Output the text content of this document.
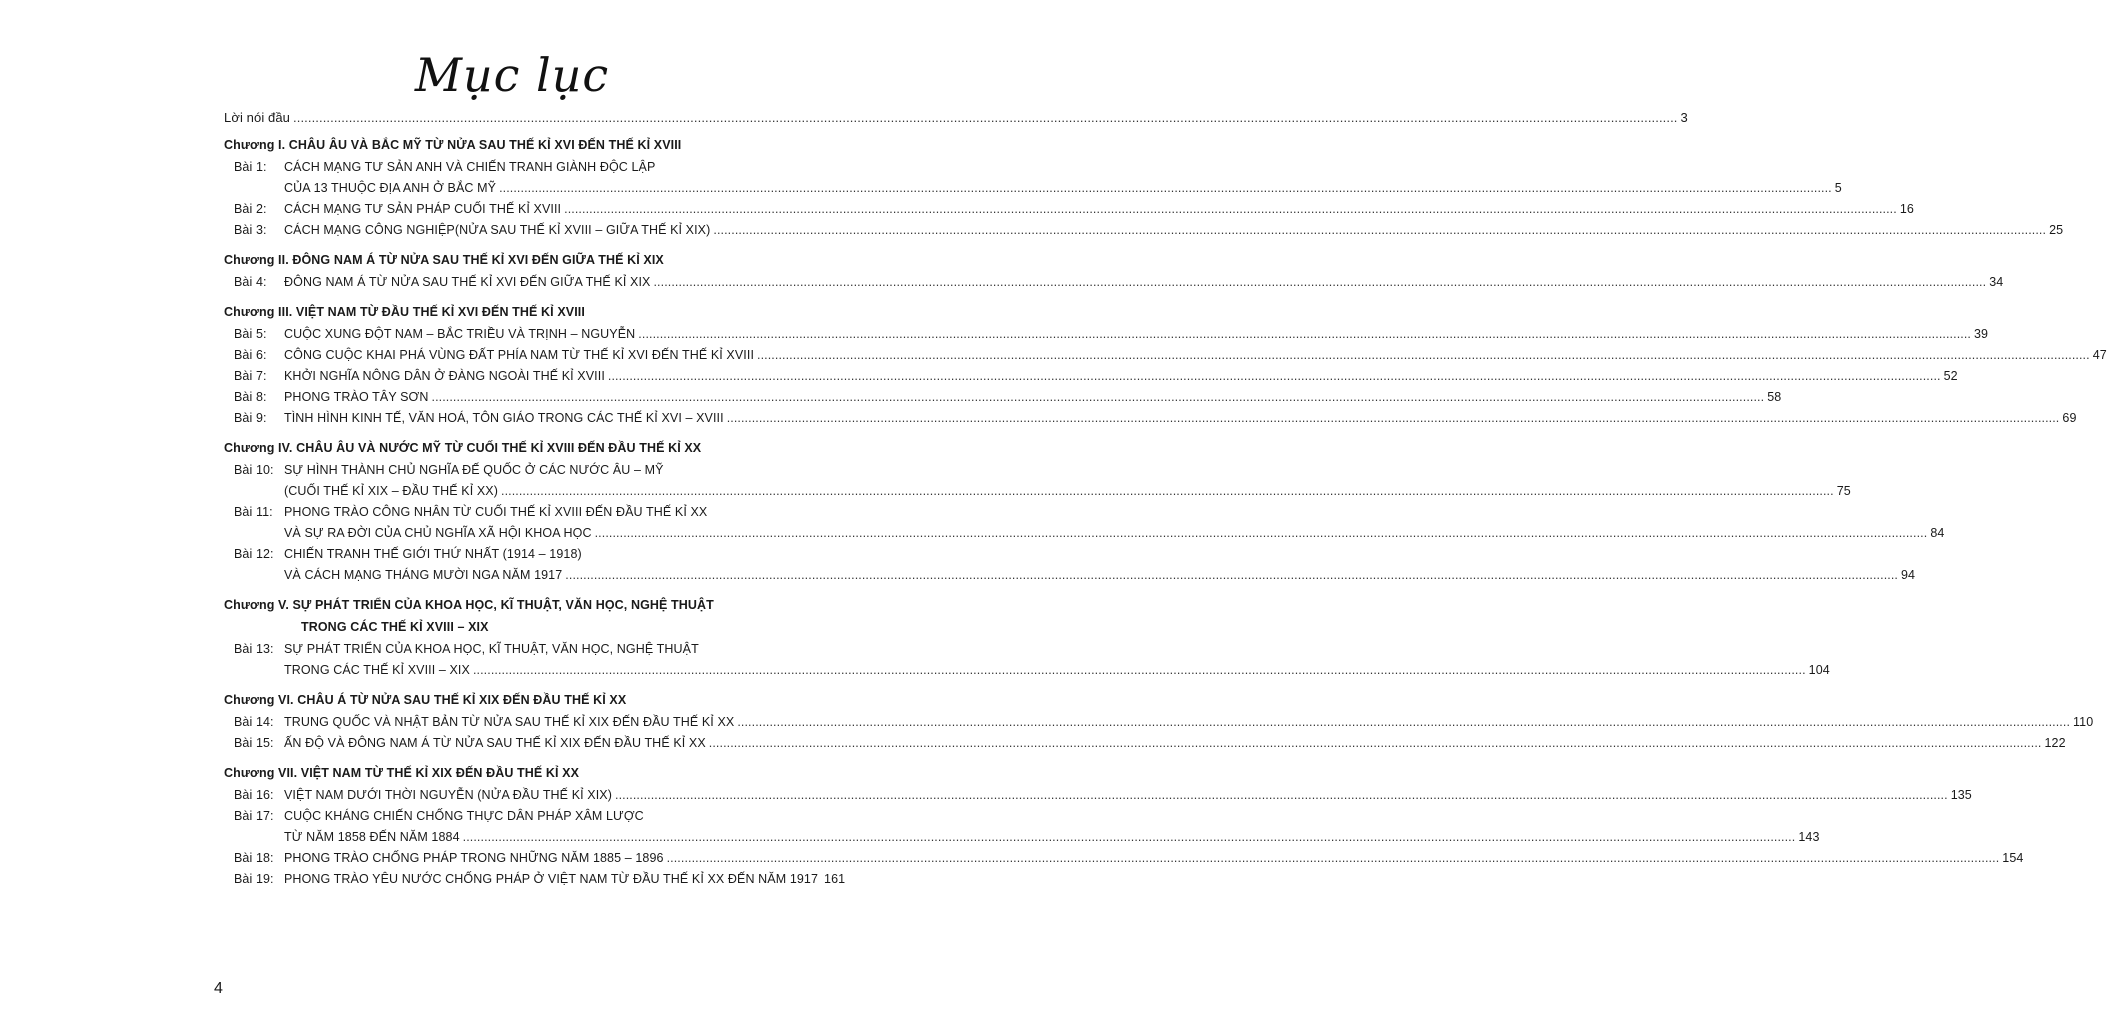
Mục lục
Lời nói đầu .....	3
Chương I.
CHÂU ÂU VÀ BẮC MỸ TỪ NỬA SAU THẾ KỈ XVI ĐẾN THẾ KỈ XVIII
Bài 1:	CÁCH MẠNG TƯ SẢN ANH VÀ CHIẾN TRANH GIÀNH ĐỘC LẬP
CỦA 13 THUỘC ĐỊA ANH Ở BẮC MỸ .....	5
Bài 2:	CÁCH MẠNG TƯ SẢN PHÁP CUỐI THẾ KỈ XVIII .....	16
Bài 3:	CÁCH MẠNG CÔNG NGHIỆP(NỬA SAU THẾ KỈ XVIII – GIỮA THẾ KỈ XIX) .....	25
Chương II.
ĐÔNG NAM Á TỪ NỬA SAU THẾ KỈ XVI ĐẾN GIỮA THẾ KỈ XIX
Bài 4:	ĐÔNG NAM Á TỪ NỬA SAU THẾ KỈ XVI ĐẾN GIỮA THẾ KỈ XIX .....	34
Chương III.
VIỆT NAM TỪ ĐẦU THẾ KỈ XVI ĐẾN THẾ KỈ XVIII
Bài 5:	CUỘC XUNG ĐỘT NAM – BẮC TRIỀU VÀ TRỊNH – NGUYỄN .....	39
Bài 6:	CÔNG CUỘC KHAI PHÁ VÙNG ĐẤT PHÍA NAM TỪ THẾ KỈ XVI ĐẾN THẾ KỈ XVIII .....	47
Bài 7:	KHỞI NGHĨA NÔNG DÂN Ở ĐÀNG NGOÀI THẾ KỈ XVIII .....	52
Bài 8:	PHONG TRÀO TÂY SƠN .....	58
Bài 9:	TÌNH HÌNH KINH TẾ, VĂN HOÁ, TÔN GIÁO TRONG CÁC THẾ KỈ XVI – XVIII .....	69
Chương IV.
CHÂU ÂU VÀ NƯỚC MỸ TỪ CUỐI THẾ KỈ XVIII ĐẾN ĐẦU THẾ KỈ XX
Bài 10: SỰ HÌNH THÀNH CHỦ NGHĨA ĐẾ QUỐC Ở CÁC NƯỚC ÂU – MỸ
(CUỐI THẾ KỈ XIX – ĐẦU THẾ KỈ XX) .....	75
Bài 11: PHONG TRÀO CÔNG NHÂN TỪ CUỐI THẾ KỈ XVIII ĐẾN ĐẦU THẾ KỈ XX
VÀ SỰ RA ĐỜI CỦA CHỦ NGHĨA XÃ HỘI KHOA HỌC .....	84
Bài 12: CHIẾN TRANH THẾ GIỚI THỨ NHẤT (1914 – 1918)
VÀ CÁCH MẠNG THÁNG MƯỜI NGA NĂM 1917 .....	94
Chương V.
SỰ PHÁT TRIỂN CỦA KHOA HỌC, KĨ THUẬT, VĂN HỌC, NGHỆ THUẬT
TRONG CÁC THẾ KỈ XVIII – XIX
Bài 13: SỰ PHÁT TRIỂN CỦA KHOA HỌC, KĨ THUẬT, VĂN HỌC, NGHỆ THUẬT
TRONG CÁC THẾ KỈ XVIII – XIX .....	104
Chương VI.
CHÂU Á TỪ NỬA SAU THẾ KỈ XIX ĐẾN ĐẦU THẾ KỈ XX
Bài 14: TRUNG QUỐC VÀ NHẬT BẢN TỪ NỬA SAU THẾ KỈ XIX ĐẾN ĐẦU THẾ KỈ XX .....	110
Bài 15: ẤN ĐỘ VÀ ĐÔNG NAM Á TỪ NỬA SAU THẾ KỈ XIX ĐẾN ĐẦU THẾ KỈ XX .....	122
Chương VII.
VIỆT NAM TỪ THẾ KỈ XIX ĐẾN ĐẦU THẾ KỈ XX
Bài 16: VIỆT NAM DƯỚI THỜI NGUYỄN (NỬA ĐẦU THẾ KỈ XIX) .....	135
Bài 17: CUỘC KHÁNG CHIẾN CHỐNG THỰC DÂN PHÁP XÂM LƯỢC
TỪ NĂM 1858 ĐẾN NĂM 1884 .....	143
Bài 18: PHONG TRÀO CHỐNG PHÁP TRONG NHỮNG NĂM 1885 – 1896 .....	154
Bài 19: PHONG TRÀO YÊU NƯỚC CHỐNG PHÁP Ở VIỆT NAM TỪ ĐẦU THẾ KỈ XX ĐẾN NĂM 1917 161
4
